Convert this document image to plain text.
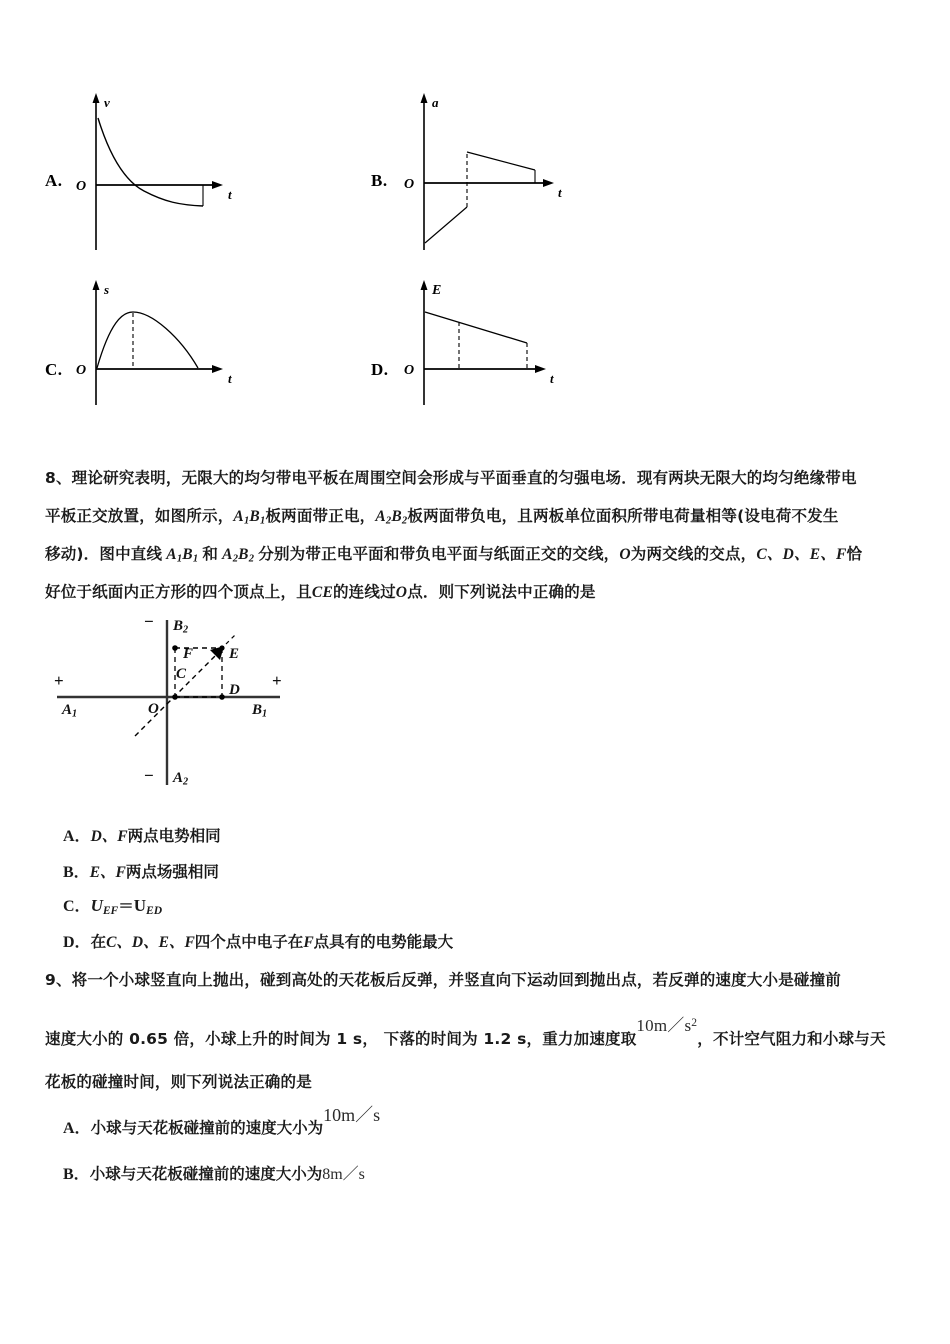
A.
v
t
O	B.
a
t
O
C.
s
t
O	D.
E
t
O
8、理论研究表明，无限大的均匀带电平板在周围空间会形成与平面垂直的匀强电场．现有两块无限大的均匀绝缘带电
平板正交放置，如图所示，$A_1B_1$板两面带正电，$A_2B_2$板两面带负电，且两板单位面积所带电荷量相等(设电荷不发生
移动)．图中直线 $A_1B_1$ 和 $A_2B_2$ 分别为带正电平面和带负电平面与纸面正交的交线，O为两交线的交点，C、D、E、F恰
好位于纸面内正方形的四个顶点上，且CE的连线过O点．则下列说法中正确的是
+	+
−
−
$B_2$
$A_2$
$A_1$	$B_1$
O
F E
C
D
A．D、F两点电势相同
B．E、F两点场强相同
C．$U_{EF}=U_{ED}$
D．在C、D、E、F四个点中电子在F点具有的电势能最大
9、将一个小球竖直向上抛出，碰到高处的天花板后反弹，并竖直向下运动回到抛出点，若反弹的速度大小是碰撞前
速度大小的 0.65 倍，小球上升的时间为 1 s， 下落的时间为 1.2 s，重力加速度取$10m/s^2$，不计空气阻力和小球与天
花板的碰撞时间，则下列说法正确的是
A．小球与天花板碰撞前的速度大小为10m／s
B．小球与天花板碰撞前的速度大小为8m／s
